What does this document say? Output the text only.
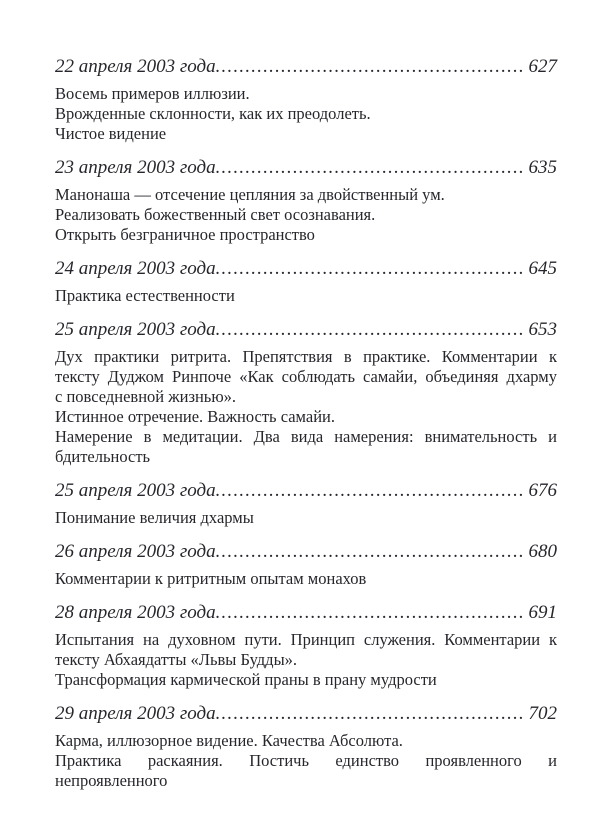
22 апреля 2003 года .....	627
Восемь примеров иллюзии.
Врожденные склонности, как их преодолеть.
Чистое видение
23 апреля 2003 года .....	635
Манонаша — отсечение цепляния за двойственный ум.
Реализовать божественный свет осознавания.
Открыть безграничное пространство
24 апреля 2003 года .....	645
Практика естественности
25 апреля 2003 года .....	653
Дух практики ритрита. Препятствия в практике. Комментарии к
тексту Дуджом Ринпоче «Как соблюдать самайи, объединяя дхарму
с повседневной жизнью».
Истинное отречение. Важность самайи.
Намерение в медитации. Два вида намерения: внимательность и
бдительность
25 апреля 2003 года .....	676
Понимание величия дхармы
26 апреля 2003 года .....	680
Комментарии к ритритным опытам монахов
28 апреля 2003 года .....	691
Испытания на духовном пути. Принцип служения. Комментарии к
тексту Абхаядатты «Львы Будды».
Трансформация кармической праны в прану мудрости
29 апреля 2003 года .....	702
Карма, иллюзорное видение. Качества Абсолюта.
Практика раскаяния. Постичь единство проявленного и
непроявленного
